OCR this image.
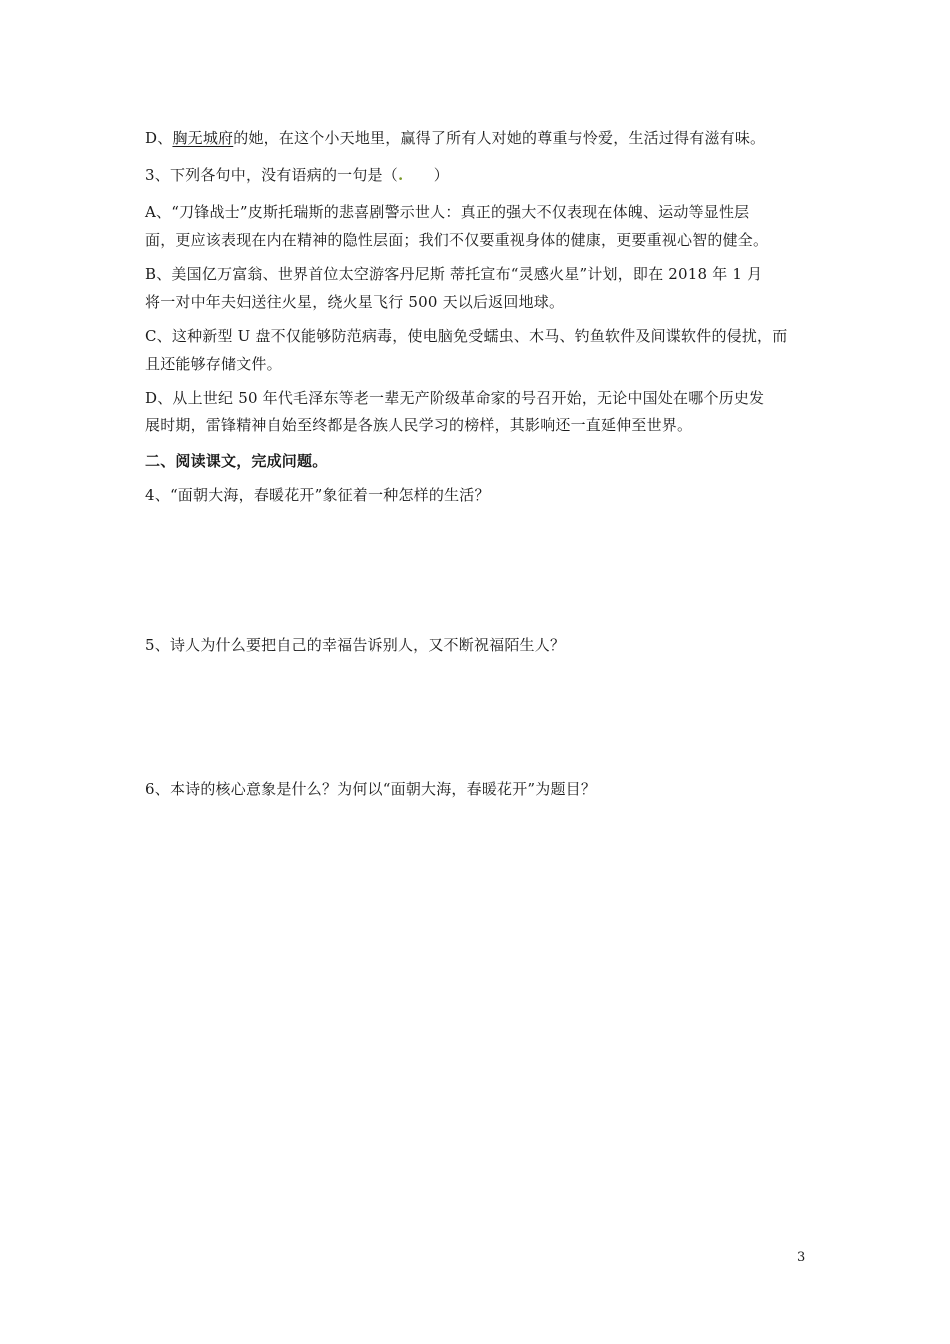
D、胸无城府的她，在这个小天地里，赢得了所有人对她的尊重与怜爱，生活过得有滋有味。
3、下列各句中，没有语病的一句是（.　　）
A、“刀锋战士”皮斯托瑞斯的悲喜剧警示世人：真正的强大不仅表现在体魄、运动等显性层
面，更应该表现在内在精神的隐性层面；我们不仅要重视身体的健康，更要重视心智的健全。
B、美国亿万富翁、世界首位太空游客丹尼斯 蒂托宣布“灵感火星”计划，即在 2018 年 1 月
将一对中年夫妇送往火星，绕火星飞行 500 天以后返回地球。
C、这种新型 U 盘不仅能够防范病毒，使电脑免受蠕虫、木马、钓鱼软件及间谍软件的侵扰，而
且还能够存储文件。
D、从上世纪 50 年代毛泽东等老一辈无产阶级革命家的号召开始，无论中国处在哪个历史发
展时期，雷锋精神自始至终都是各族人民学习的榜样，其影响还一直延伸至世界。
二、阅读课文，完成问题。
4、“面朝大海，春暖花开”象征着一种怎样的生活？
5、诗人为什么要把自己的幸福告诉别人，又不断祝福陌生人？
6、本诗的核心意象是什么？为何以“面朝大海，春暖花开”为题目？
3
